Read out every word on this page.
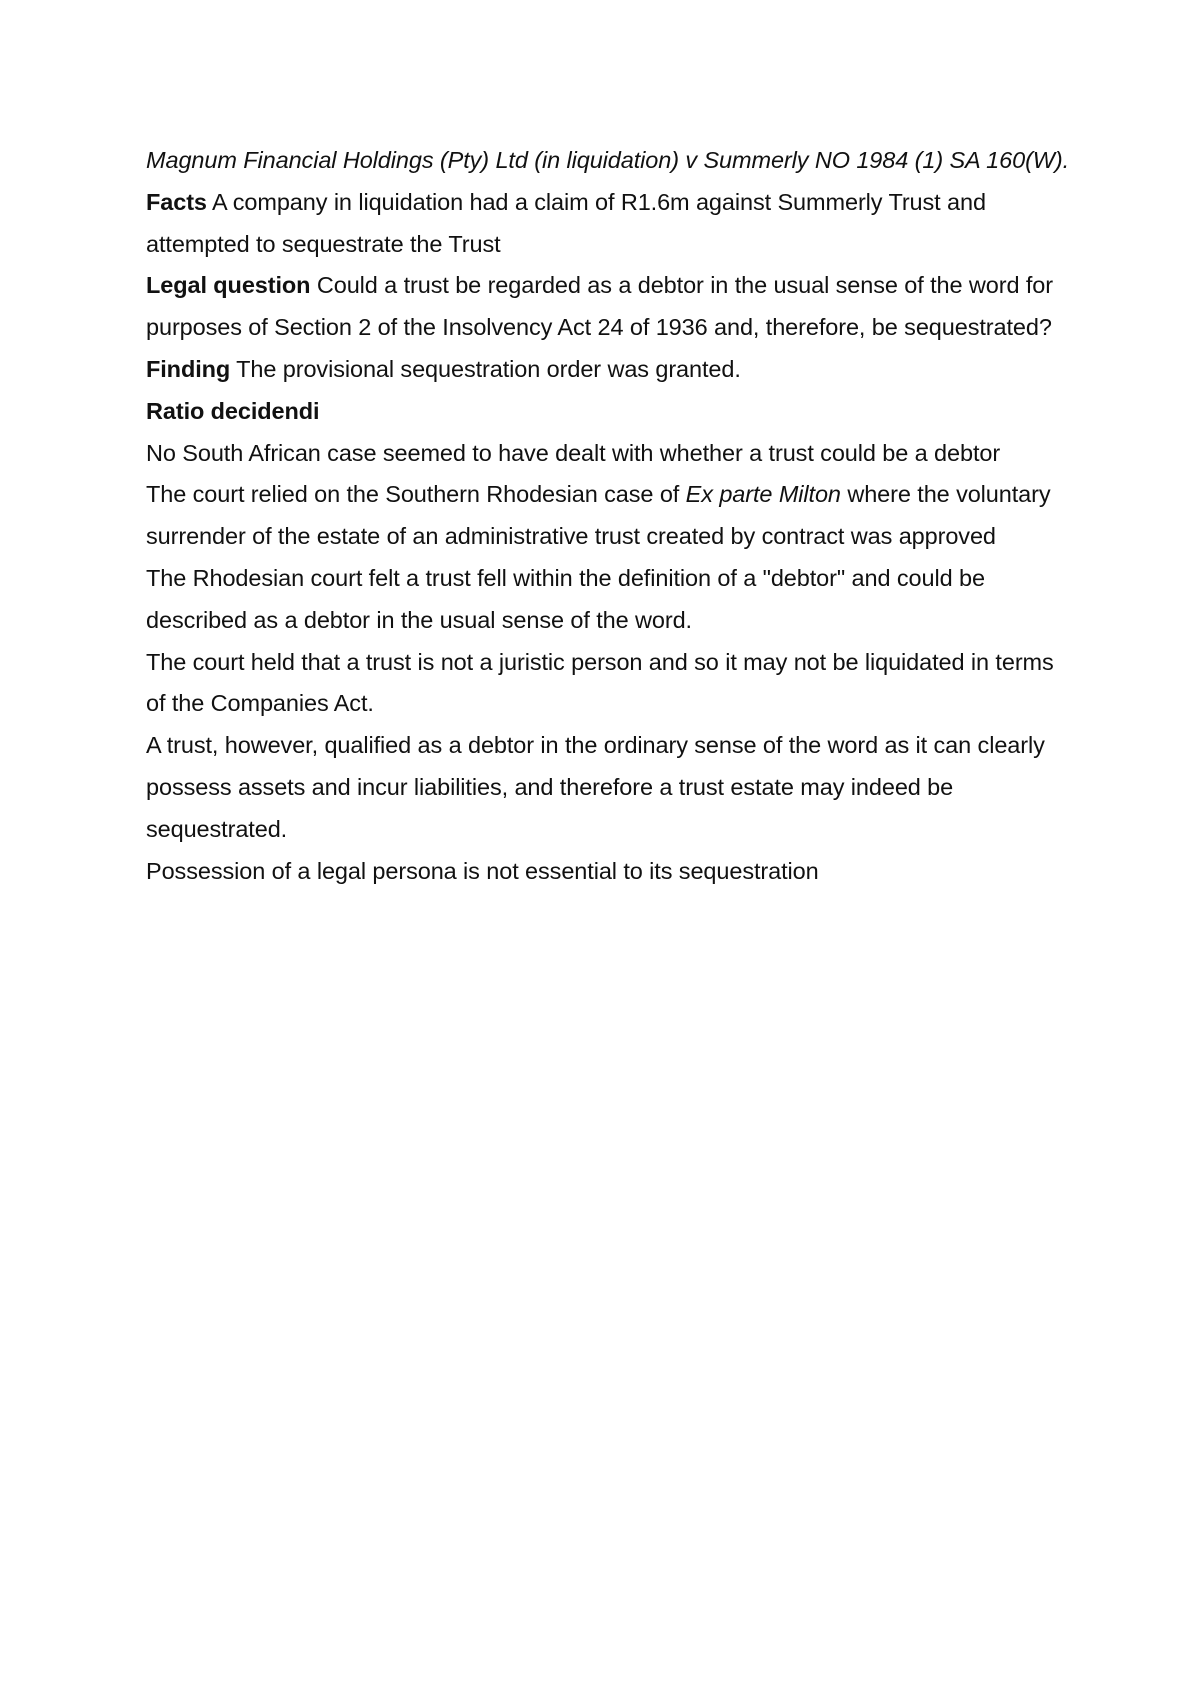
Magnum Financial Holdings (Pty) Ltd (in liquidation) v Summerly NO 1984 (1) SA 160(W).

Facts A company in liquidation had a claim of R1.6m against Summerly Trust and attempted to sequestrate the Trust

Legal question Could a trust be regarded as a debtor in the usual sense of the word for purposes of Section 2 of the Insolvency Act 24 of 1936 and, therefore, be sequestrated?

Finding The provisional sequestration order was granted.

Ratio decidendi

No South African case seemed to have dealt with whether a trust could be a debtor

The court relied on the Southern Rhodesian case of Ex parte Milton where the voluntary surrender of the estate of an administrative trust created by contract was approved

The Rhodesian court felt a trust fell within the definition of a "debtor" and could be described as a debtor in the usual sense of the word.

The court held that a trust is not a juristic person and so it may not be liquidated in terms of the Companies Act.

A trust, however, qualified as a debtor in the ordinary sense of the word as it can clearly possess assets and incur liabilities, and therefore a trust estate may indeed be sequestrated.

Possession of a legal persona is not essential to its sequestration
